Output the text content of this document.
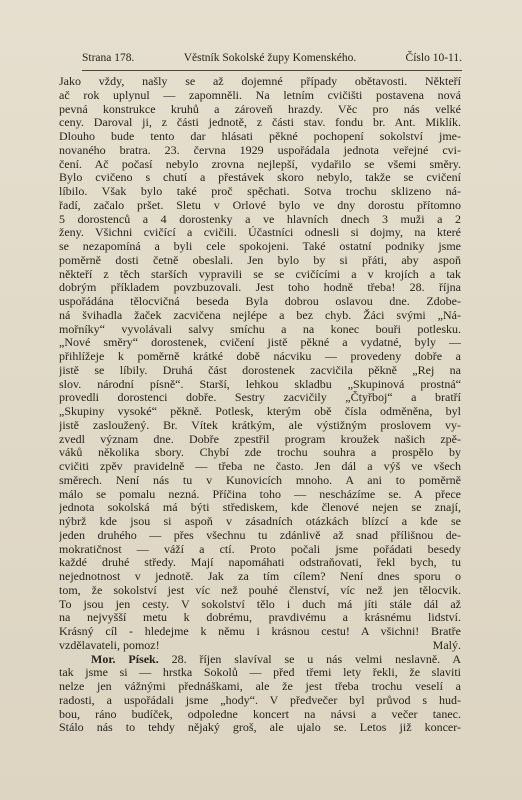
Strana 178.	Věstník Sokolské župy Komenského.	Číslo 10-11.
Jako vždy, našly se až dojemné případy obětavosti. Někteří
ač rok uplynul — zapomněli. Na letním cvičišti postavena nová
pevná konstrukce kruhů a zároveň hrazdy. Věc pro nás velké
ceny. Daroval ji, z části jednotě, z části stav. fondu br. Ant. Miklík.
Dlouho bude tento dar hlásati pěkné pochopení sokolství jme-
novaného bratra. 23. června 1929 uspořádala jednota veřejné cvi-
čení. Ač počasí nebylo zrovna nejlepší, vydařilo se všemi směry.
Bylo cvičeno s chutí a přestávek skoro nebylo, takže se cvičení
líbilo. Však bylo také proč spěchati. Sotva trochu sklizeno ná-
řadí, začalo pršet. Sletu v Orlové bylo ve dny dorostu přítomno
5 dorostenců a 4 dorostenky a ve hlavních dnech 3 muži a 2
ženy. Všichni cvičící a cvičili. Účastníci odnesli si dojmy, na které
se nezapomíná a byli cele spokojeni. Také ostatní podniky jsme
poměrně dosti četně obeslali. Jen bylo by si přáti, aby aspoň
někteří z těch starších vypravili se se cvičícími a v krojích a tak
dobrým příkladem povzbuzovali. Jest toho hodně třeba! 28. října
uspořádána tělocvičná beseda Byla dobrou oslavou dne. Zdobe-
ná švihadla žaček zacvičena nejlépe a bez chyb. Žáci svými „Ná-
mořníky“ vyvolávali salvy smíchu a na konec bouři potlesku.
„Nové směry“ dorostenek, cvičení jistě pěkné a vydatné, byly —
přihlížeje k poměrně krátké době nácviku — provedeny dobře a
jistě se líbily. Druhá část dorostenek zacvičila pěkně „Rej na
slov. národní písně“. Starší, lehkou skladbu „Skupinová prostná“
provedli dorostenci dobře. Sestry zacvičily „Čtyřboj“ a bratří
„Skupiny vysoké“ pěkně. Potlesk, kterým obě čísla odměněna, byl
jistě zasloužený. Br. Vítek krátkým, ale výstižným proslovem vy-
zvedl význam dne. Dobře zpestřil program kroužek našich zpě-
váků několika sbory. Chybí zde trochu souhra a prospělo by
cvičiti zpěv pravidelně — třeba ne často. Jen dál a výš ve všech
směrech. Není nás tu v Kunovicích mnoho. A ani to poměrně
málo se pomalu nezná. Příčina toho — nescházíme se. A přece
jednota sokolská má býti střediskem, kde členové nejen se znají,
nýbrž kde jsou si aspoň v zásadních otázkách blízcí a kde se
jeden druhého — přes všechnu tu zdánlivě až snad přílišnou de-
mokratičnost — váží a ctí. Proto počali jsme pořádati besedy
každé druhé středy. Mají napomáhati odstraňovati, řekl bych, tu
nejednotnost v jednotě. Jak za tím cílem? Není dnes sporu o
tom, že sokolství jest víc než pouhé členství, víc než jen tělocvik.
To jsou jen cesty. V sokolství tělo i duch má jíti stále dál až
na nejvyšší metu k dobrému, pravdivému a krásnému lidství.
Krásný cíl - hledejme k němu i krásnou cestu! A všichni! Bratře
vzdělavateli, pomoz!	Malý.
Mor. Písek. 28. říjen slavíval se u nás velmi neslavně. A
tak jsme si — hrstka Sokolů — před třemi lety řekli, že slaviti
nelze jen vážnými přednáškami, ale že jest třeba trochu veselí a
radosti, a uspořádali jsme „hody“. V předvečer byl průvod s hud-
bou, ráno budíček, odpoledne koncert na návsi a večer tanec.
Stálo nás to tehdy nějaký groš, ale ujalo se. Letos již koncer-
